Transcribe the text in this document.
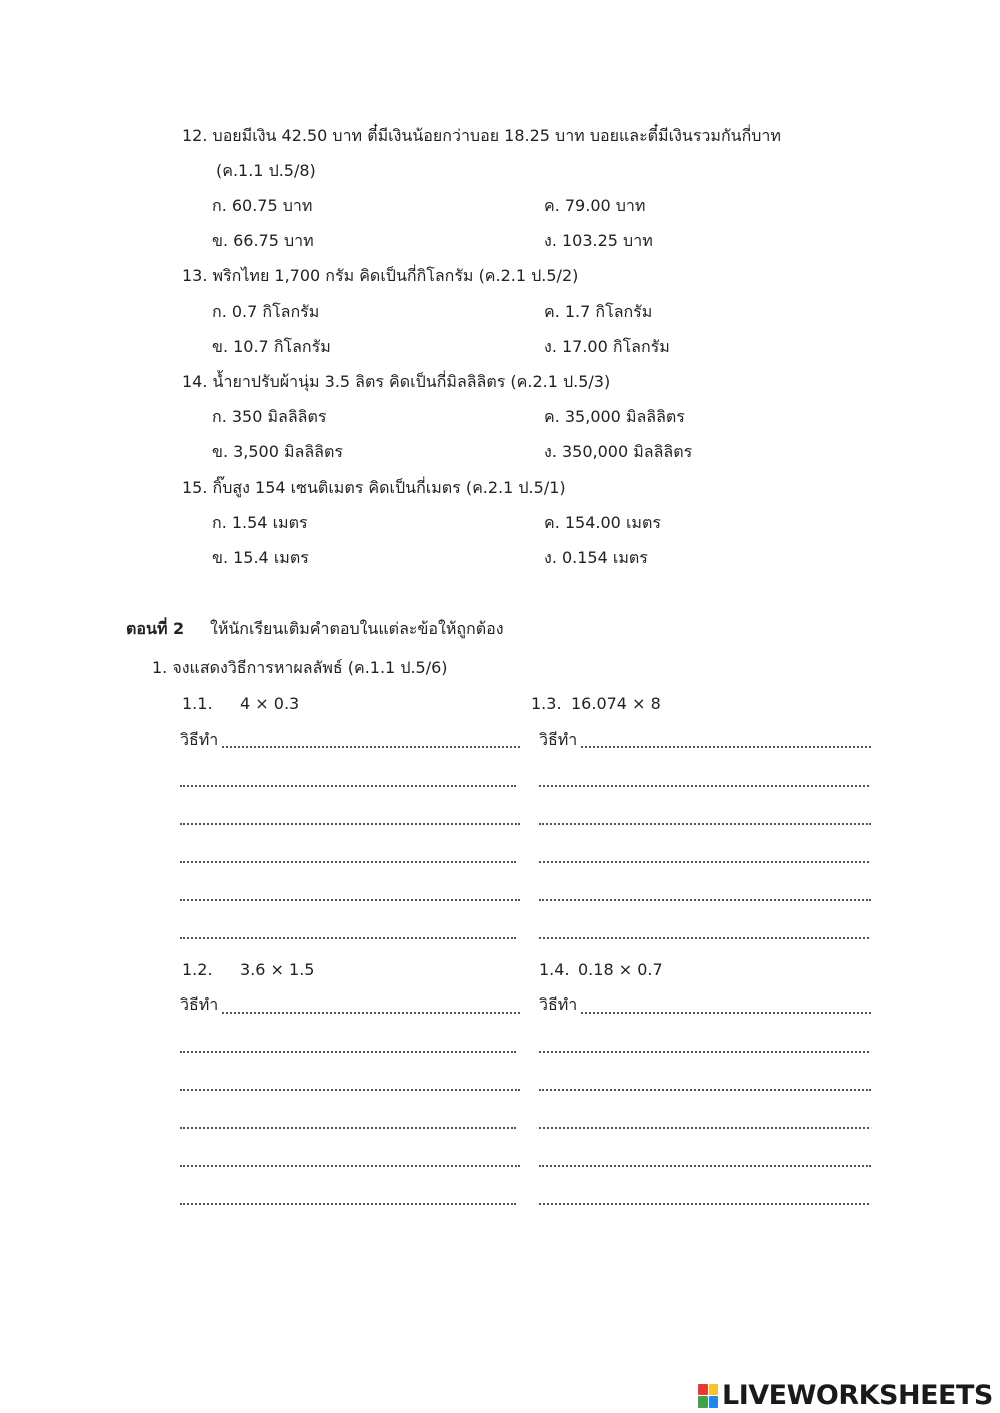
12. บอยมีเงิน 42.50 บาท ตี๋มีเงินน้อยกว่าบอย 18.25 บาท บอยและตี๋มีเงินรวมกันกี่บาท
(ค.1.1 ป.5/8)
ก. 60.75 บาท	ค. 79.00 บาท
ข. 66.75 บาท	ง. 103.25 บาท
13. พริกไทย 1,700 กรัม คิดเป็นกี่กิโลกรัม (ค.2.1 ป.5/2)
ก. 0.7 กิโลกรัม	ค. 1.7 กิโลกรัม
ข. 10.7 กิโลกรัม	ง. 17.00 กิโลกรัม
14. น้ำยาปรับผ้านุ่ม 3.5 ลิตร คิดเป็นกี่มิลลิลิตร (ค.2.1 ป.5/3)
ก. 350 มิลลิลิตร	ค. 35,000 มิลลิลิตร
ข. 3,500 มิลลิลิตร	ง. 350,000 มิลลิลิตร
15. กิ๊บสูง 154 เซนติเมตร คิดเป็นกี่เมตร (ค.2.1 ป.5/1)
ก. 1.54 เมตร	ค. 154.00 เมตร
ข. 15.4 เมตร	ง. 0.154 เมตร
ตอนที่ 2 ให้นักเรียนเติมคำตอบในแต่ละข้อให้ถูกต้อง
1. จงแสดงวิธีการหาผลลัพธ์ (ค.1.1 ป.5/6)
1.1. 4 × 0.3
วิธีทำ
1.3. 16.074 × 8
วิธีทำ
1.2. 3.6 × 1.5
วิธีทำ
1.4. 0.18 × 0.7
วิธีทำ
LIVEWORKSHEETS
